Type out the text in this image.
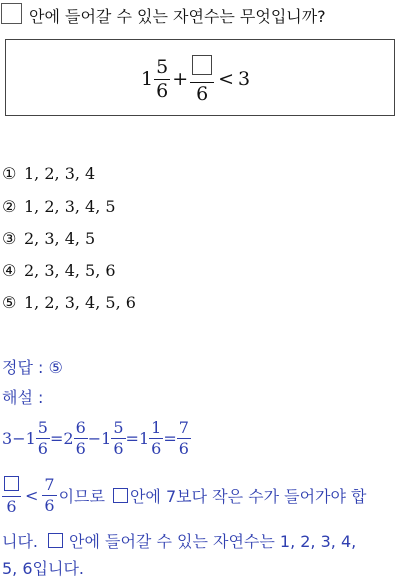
안에 들어갈 수 있는 자연수는 무엇입니까?
$1 \frac{5}{6}$ +
6
< 3
① 1, 2, 3, 4
② 1, 2, 3, 4, 5
③ 2, 3, 4, 5
④ 2, 3, 4, 5, 6
⑤ 1, 2, 3, 4, 5, 6
정답 : ⑤
해설 :
$3 - 1 \frac{5}{6} = 2 \frac{6}{6} - 1 \frac{5}{6} = 1 \frac{1}{6} = \frac{7}{6}$
6
< $\frac{7}{6}$ 이므로 안에 7보다 작은 수가 들어가야 합
니다. 안에 들어갈 수 있는 자연수는 1, 2, 3, 4,
5, 6입니다.
